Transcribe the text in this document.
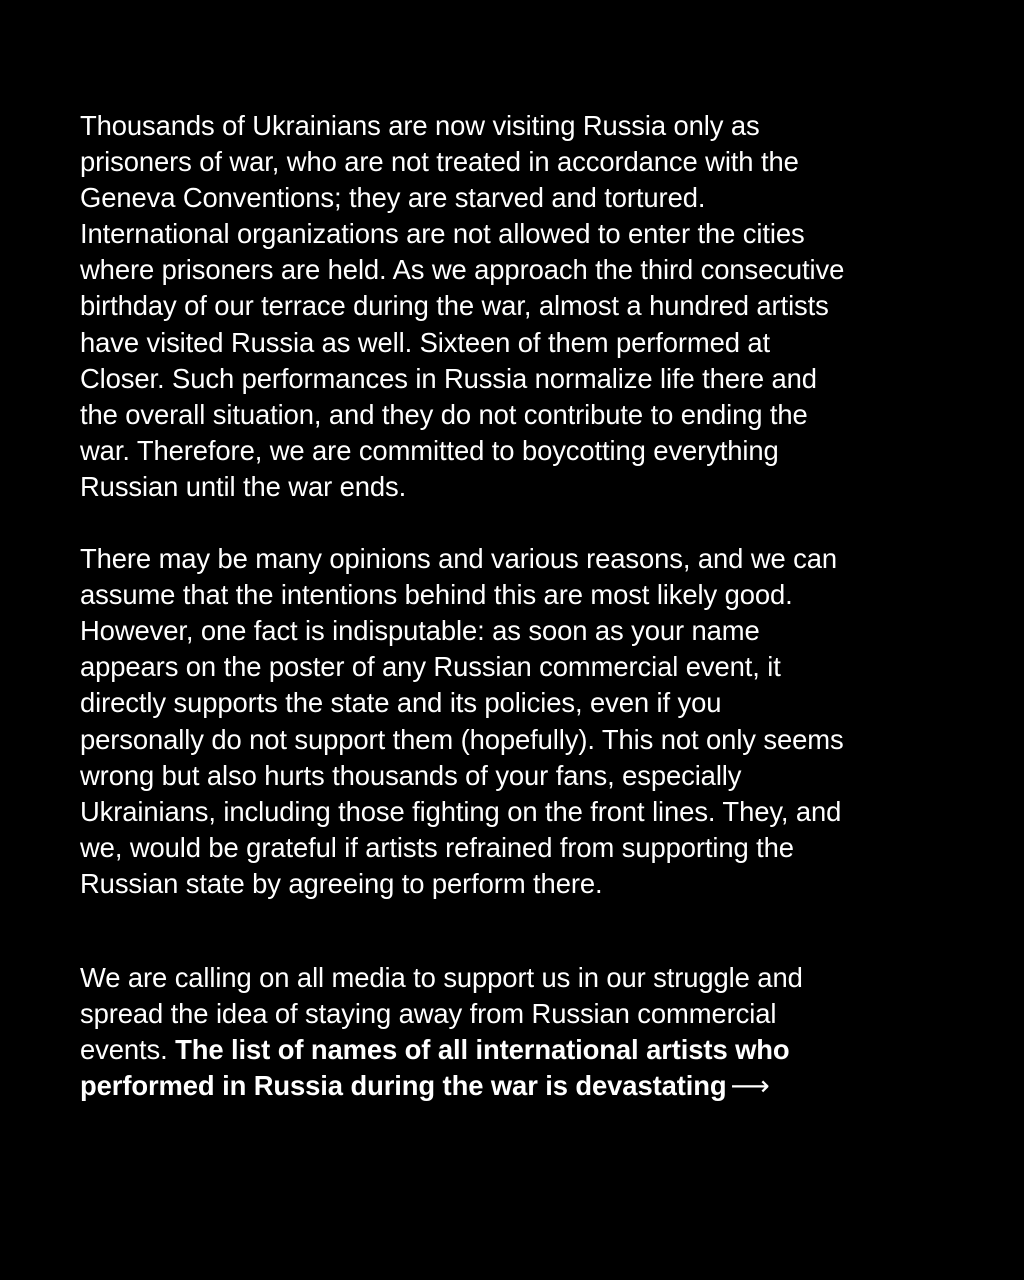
Thousands of Ukrainians are now visiting Russia only as
prisoners of war, who are not treated in accordance with the
Geneva Conventions; they are starved and tortured.
International organizations are not allowed to enter the cities
where prisoners are held. As we approach the third consecutive
birthday of our terrace during the war, almost a hundred artists
have visited Russia as well. Sixteen of them performed at
Closer. Such performances in Russia normalize life there and
the overall situation, and they do not contribute to ending the
war. Therefore, we are committed to boycotting everything
Russian until the war ends.

There may be many opinions and various reasons, and we can
assume that the intentions behind this are most likely good.
However, one fact is indisputable: as soon as your name
appears on the poster of any Russian commercial event, it
directly supports the state and its policies, even if you
personally do not support them (hopefully). This not only seems
wrong but also hurts thousands of your fans, especially
Ukrainians, including those fighting on the front lines. They, and
we, would be grateful if artists refrained from supporting the
Russian state by agreeing to perform there.

We are calling on all media to support us in our struggle and
spread the idea of staying away from Russian commercial
events. The list of names of all international artists who
performed in Russia during the war is devastating ⟶
